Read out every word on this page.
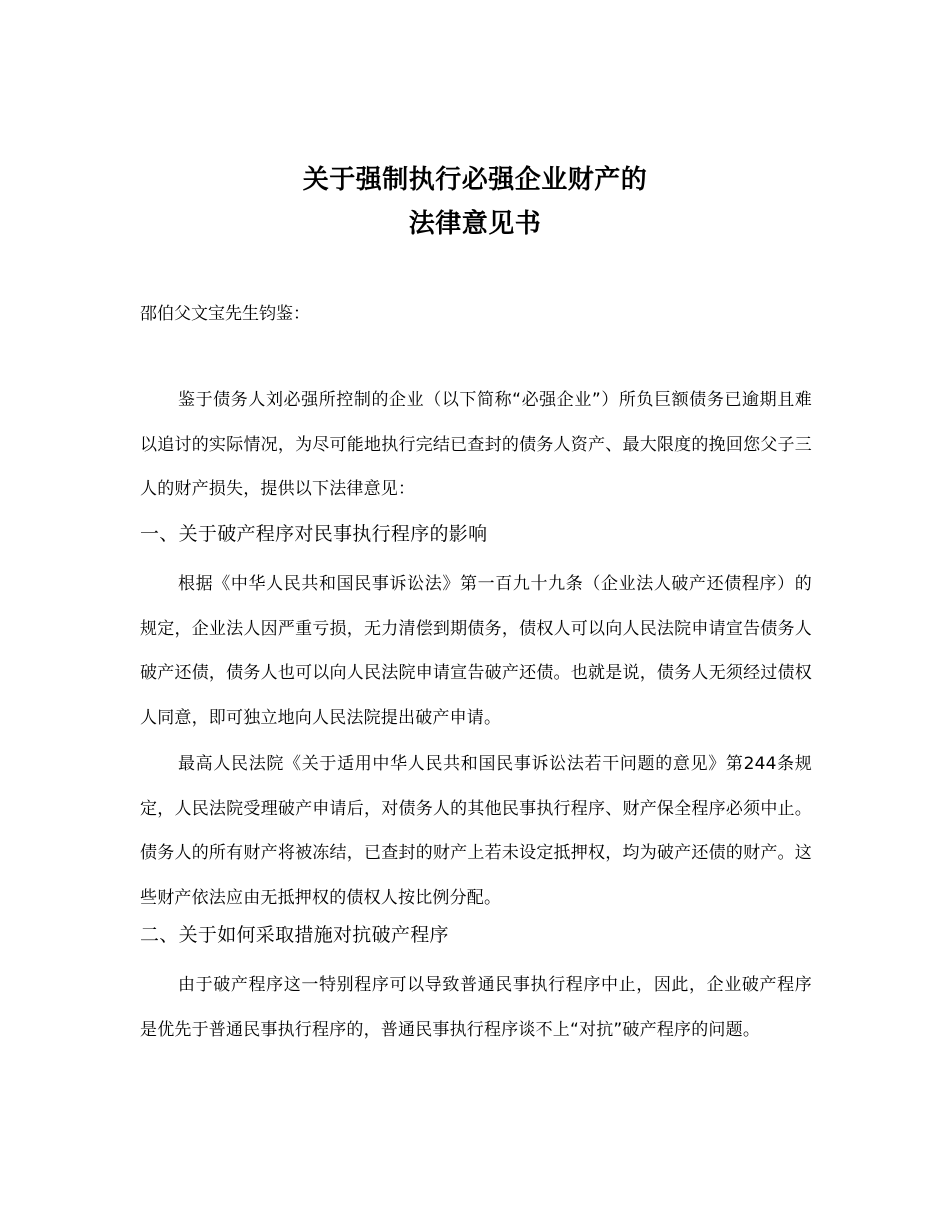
关于强制执行必强企业财产的
法律意见书
邵伯父文宝先生钧鉴：
鉴于债务人刘必强所控制的企业（以下简称“必强企业”）所负巨额债务已逾期且难以追讨的实际情况，为尽可能地执行完结已查封的债务人资产、最大限度的挽回您父子三人的财产损失，提供以下法律意见：
一、关于破产程序对民事执行程序的影响
根据《中华人民共和国民事诉讼法》第一百九十九条（企业法人破产还债程序）的规定，企业法人因严重亏损，无力清偿到期债务，债权人可以向人民法院申请宣告债务人破产还债，债务人也可以向人民法院申请宣告破产还债。也就是说，债务人无须经过债权人同意，即可独立地向人民法院提出破产申请。
最高人民法院《关于适用中华人民共和国民事诉讼法若干问题的意见》第244条规定，人民法院受理破产申请后，对债务人的其他民事执行程序、财产保全程序必须中止。债务人的所有财产将被冻结，已查封的财产上若未设定抵押权，均为破产还债的财产。这些财产依法应由无抵押权的债权人按比例分配。
二、关于如何采取措施对抗破产程序
由于破产程序这一特别程序可以导致普通民事执行程序中止，因此，企业破产程序是优先于普通民事执行程序的，普通民事执行程序谈不上“对抗”破产程序的问题。
